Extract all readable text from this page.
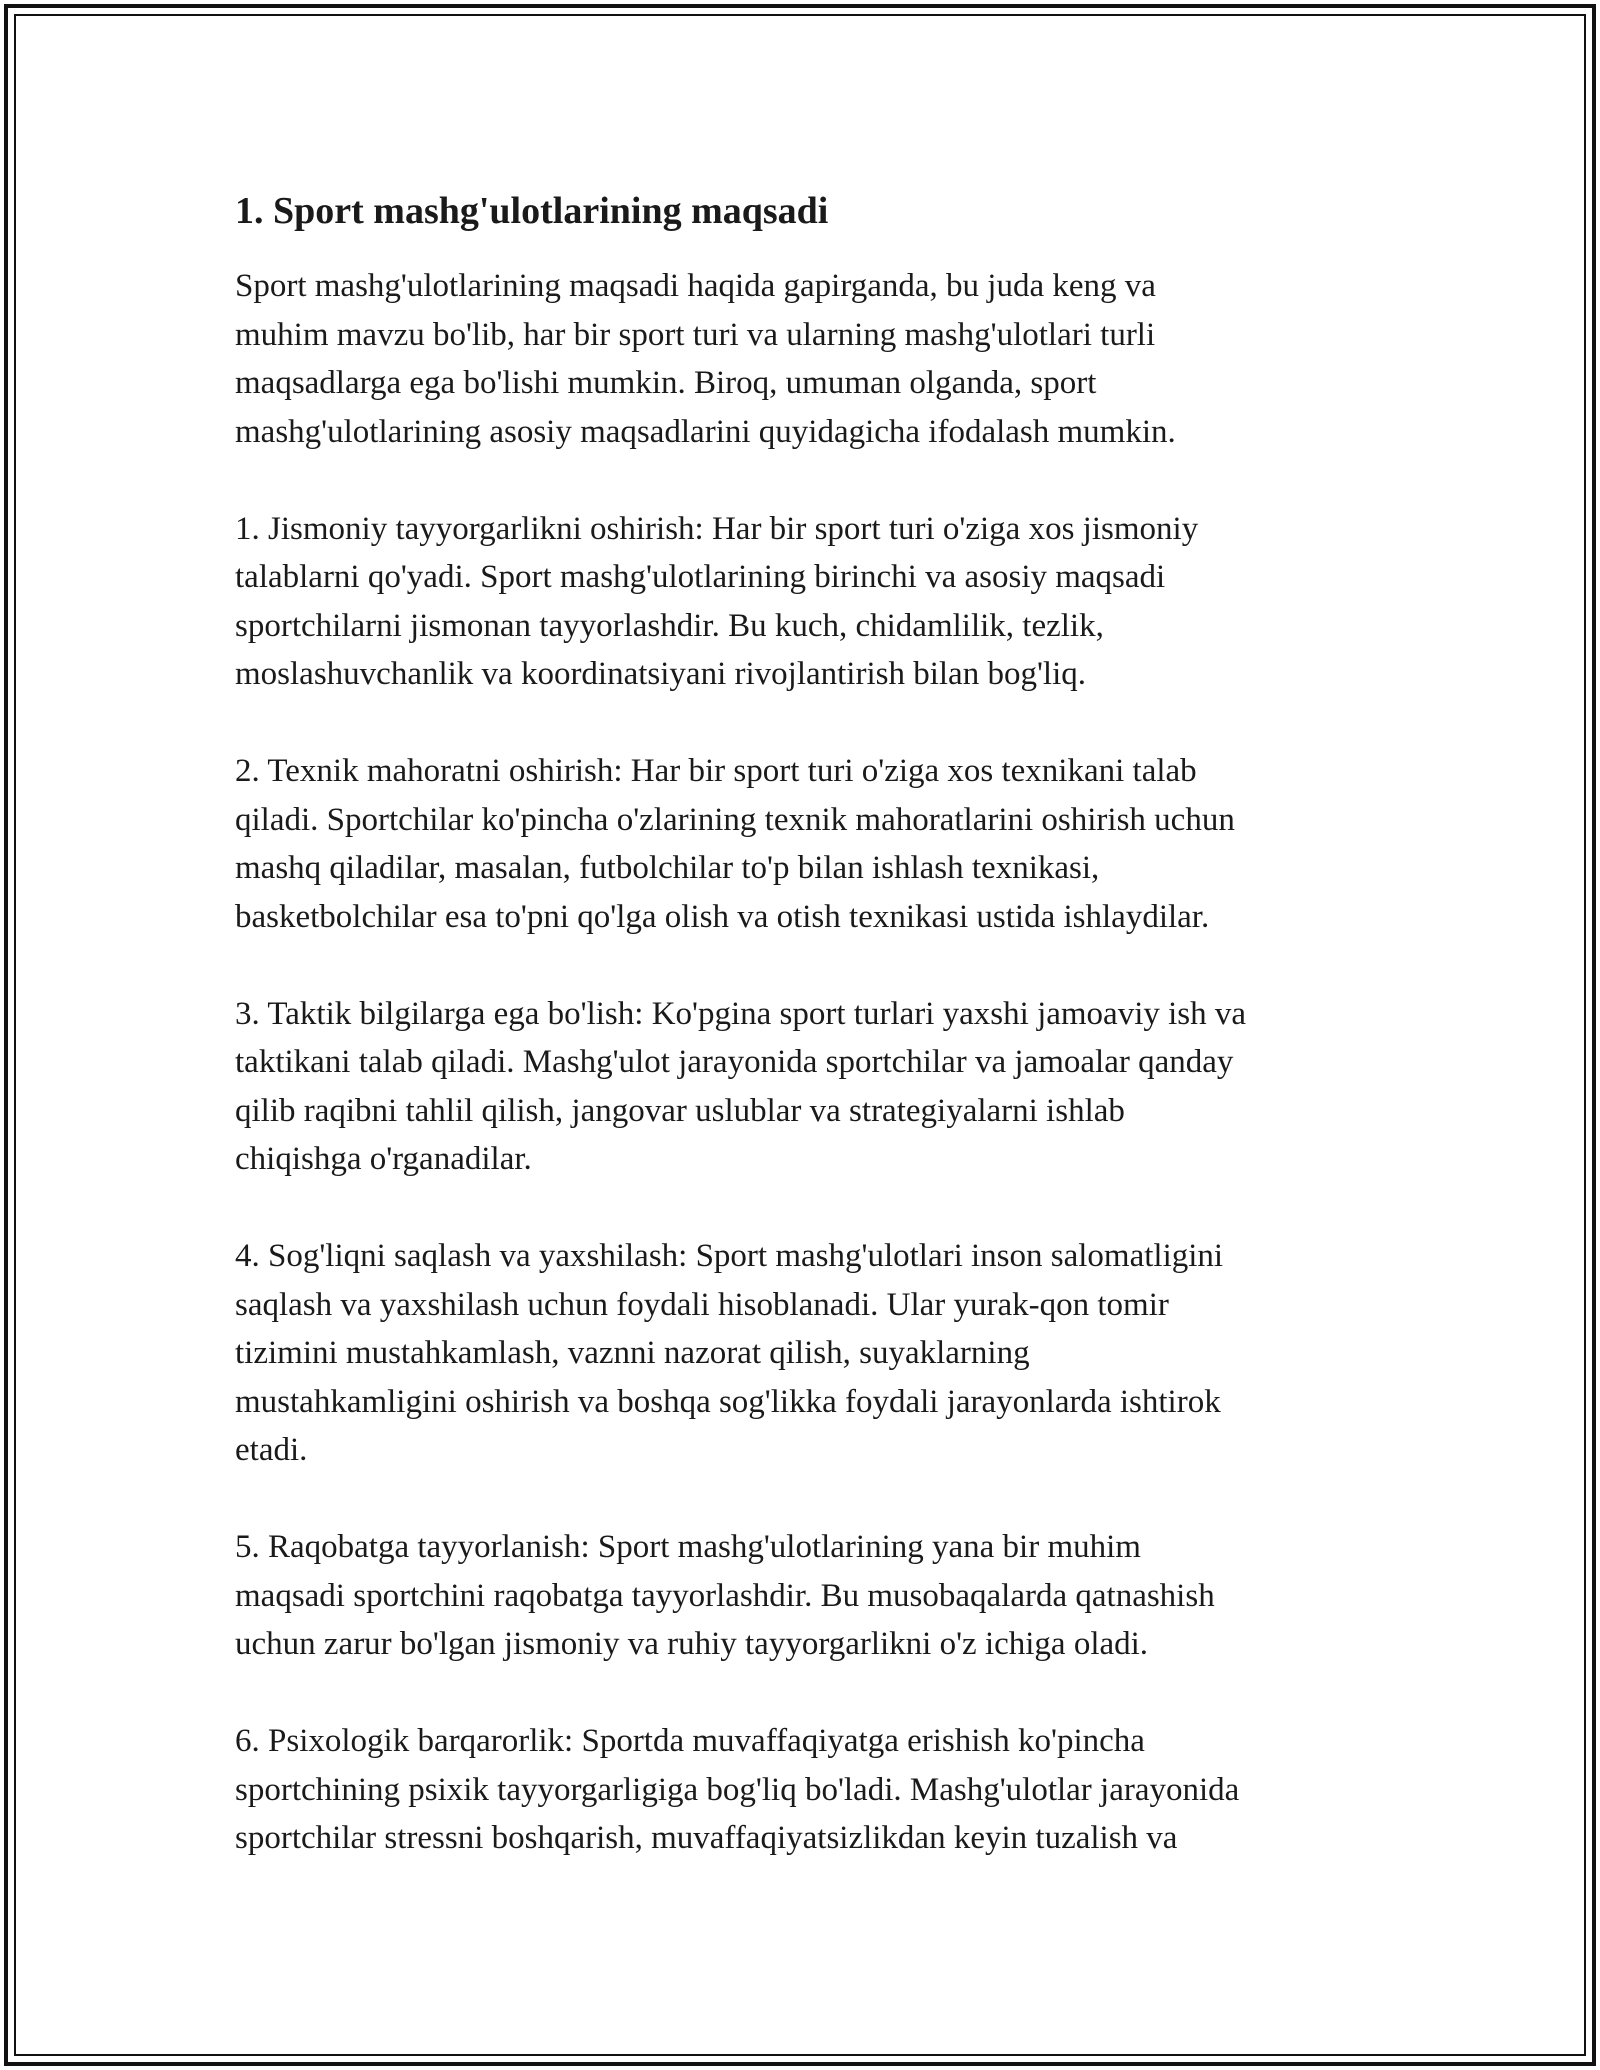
1. Sport mashg'ulotlarining maqsadi

Sport mashg'ulotlarining maqsadi haqida gapirganda, bu juda keng va
muhim mavzu bo'lib, har bir sport turi va ularning mashg'ulotlari turli
maqsadlarga ega bo'lishi mumkin. Biroq, umuman olganda, sport
mashg'ulotlarining asosiy maqsadlarini quyidagicha ifodalash mumkin.

1. Jismoniy tayyorgarlikni oshirish: Har bir sport turi o'ziga xos jismoniy
talablarni qo'yadi. Sport mashg'ulotlarining birinchi va asosiy maqsadi
sportchilarni jismonan tayyorlashdir. Bu kuch, chidamlilik, tezlik,
moslashuvchanlik va koordinatsiyani rivojlantirish bilan bog'liq.

2. Texnik mahoratni oshirish: Har bir sport turi o'ziga xos texnikani talab
qiladi. Sportchilar ko'pincha o'zlarining texnik mahoratlarini oshirish uchun
mashq qiladilar, masalan, futbolchilar to'p bilan ishlash texnikasi,
basketbolchilar esa to'pni qo'lga olish va otish texnikasi ustida ishlaydilar.

3. Taktik bilgilarga ega bo'lish: Ko'pgina sport turlari yaxshi jamoaviy ish va
taktikani talab qiladi. Mashg'ulot jarayonida sportchilar va jamoalar qanday
qilib raqibni tahlil qilish, jangovar uslublar va strategiyalarni ishlab
chiqishga o'rganadilar.

4. Sog'liqni saqlash va yaxshilash: Sport mashg'ulotlari inson salomatligini
saqlash va yaxshilash uchun foydali hisoblanadi. Ular yurak-qon tomir
tizimini mustahkamlash, vaznni nazorat qilish, suyaklarning
mustahkamligini oshirish va boshqa sog'likka foydali jarayonlarda ishtirok
etadi.

5. Raqobatga tayyorlanish: Sport mashg'ulotlarining yana bir muhim
maqsadi sportchini raqobatga tayyorlashdir. Bu musobaqalarda qatnashish
uchun zarur bo'lgan jismoniy va ruhiy tayyorgarlikni o'z ichiga oladi.

6. Psixologik barqarorlik: Sportda muvaffaqiyatga erishish ko'pincha
sportchining psixik tayyorgarligiga bog'liq bo'ladi. Mashg'ulotlar jarayonida
sportchilar stressni boshqarish, muvaffaqiyatsizlikdan keyin tuzalish va
